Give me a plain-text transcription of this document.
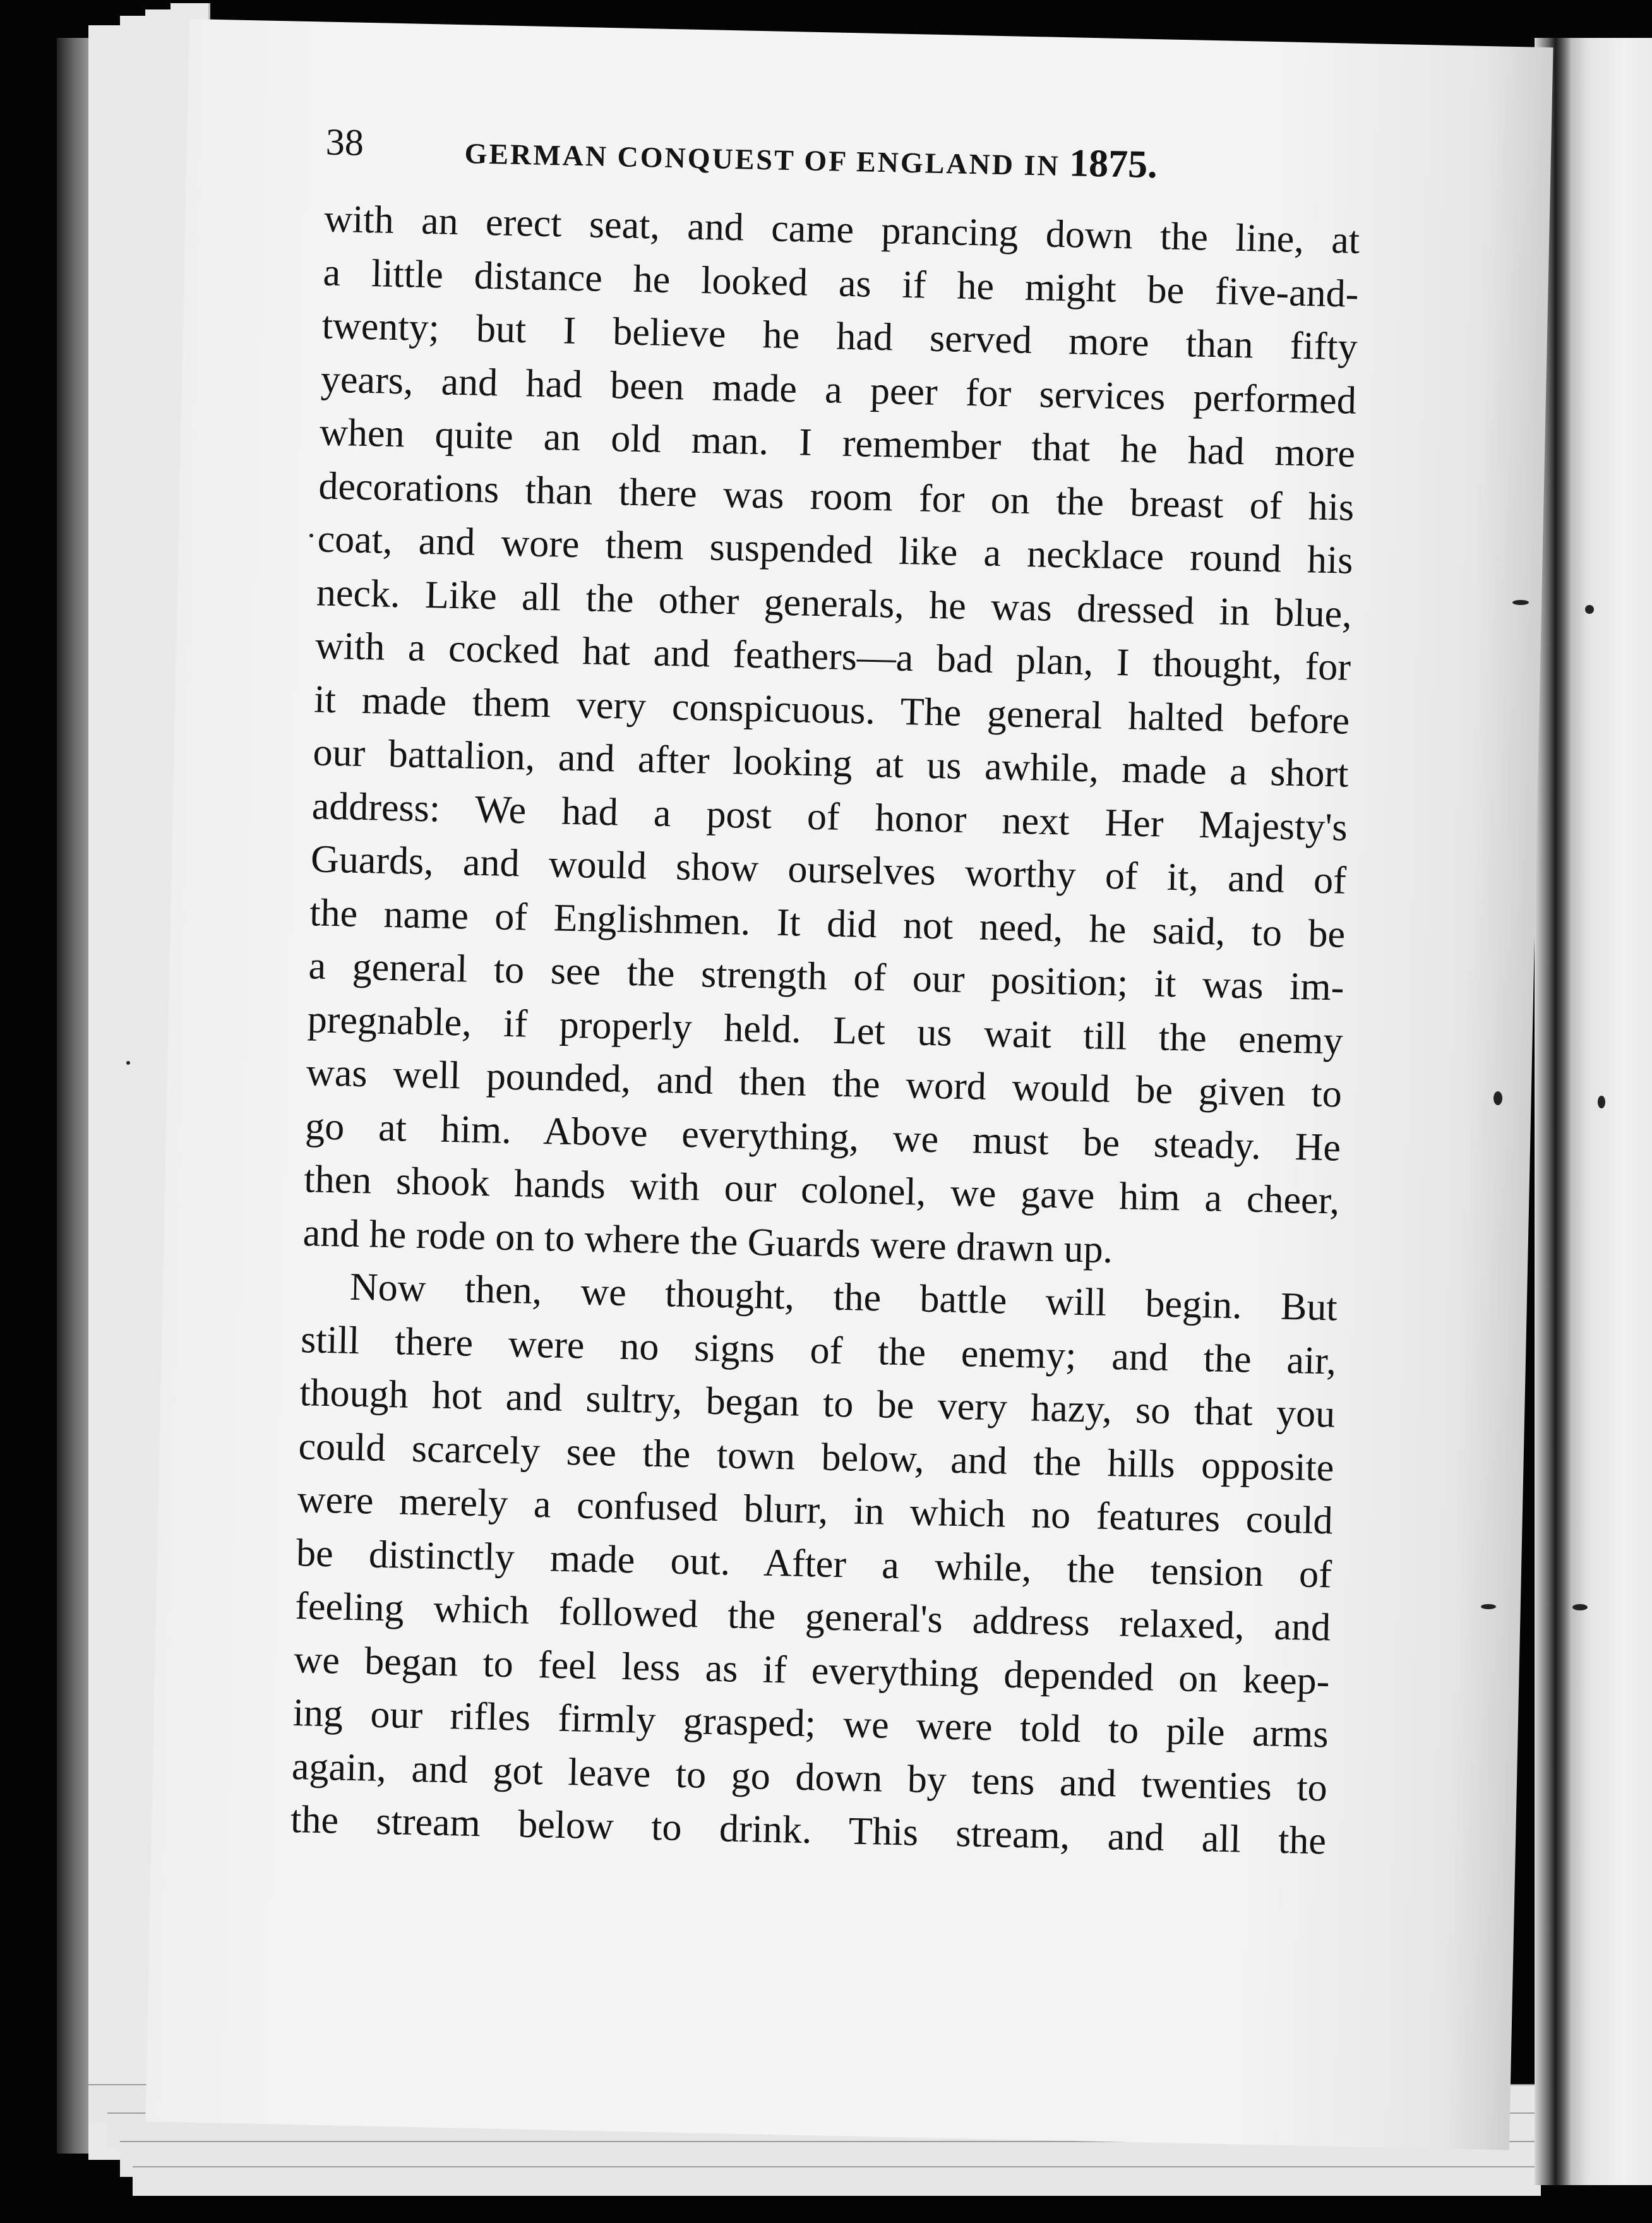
38	GERMAN CONQUEST OF ENGLAND IN 1875.
with an erect seat, and came prancing down the line, at
a little distance he looked as if he might be five-and-
twenty; but I believe he had served more than fifty
years, and had been made a peer for services performed
when quite an old man. I remember that he had more
decorations than there was room for on the breast of his
coat, and wore them suspended like a necklace round his
neck. Like all the other generals, he was dressed in blue,
with a cocked hat and feathers—a bad plan, I thought, for
it made them very conspicuous. The general halted before
our battalion, and after looking at us awhile, made a short
address: We had a post of honor next Her Majesty's
Guards, and would show ourselves worthy of it, and of
the name of Englishmen. It did not need, he said, to be
a general to see the strength of our position; it was im-
pregnable, if properly held. Let us wait till the enemy
was well pounded, and then the word would be given to
go at him. Above everything, we must be steady. He
then shook hands with our colonel, we gave him a cheer,
and he rode on to where the Guards were drawn up.
Now then, we thought, the battle will begin. But
still there were no signs of the enemy; and the air,
though hot and sultry, began to be very hazy, so that you
could scarcely see the town below, and the hills opposite
were merely a confused blurr, in which no features could
be distinctly made out. After a while, the tension of
feeling which followed the general's address relaxed, and
we began to feel less as if everything depended on keep-
ing our rifles firmly grasped; we were told to pile arms
again, and got leave to go down by tens and twenties to
the stream below to drink. This stream, and all the
